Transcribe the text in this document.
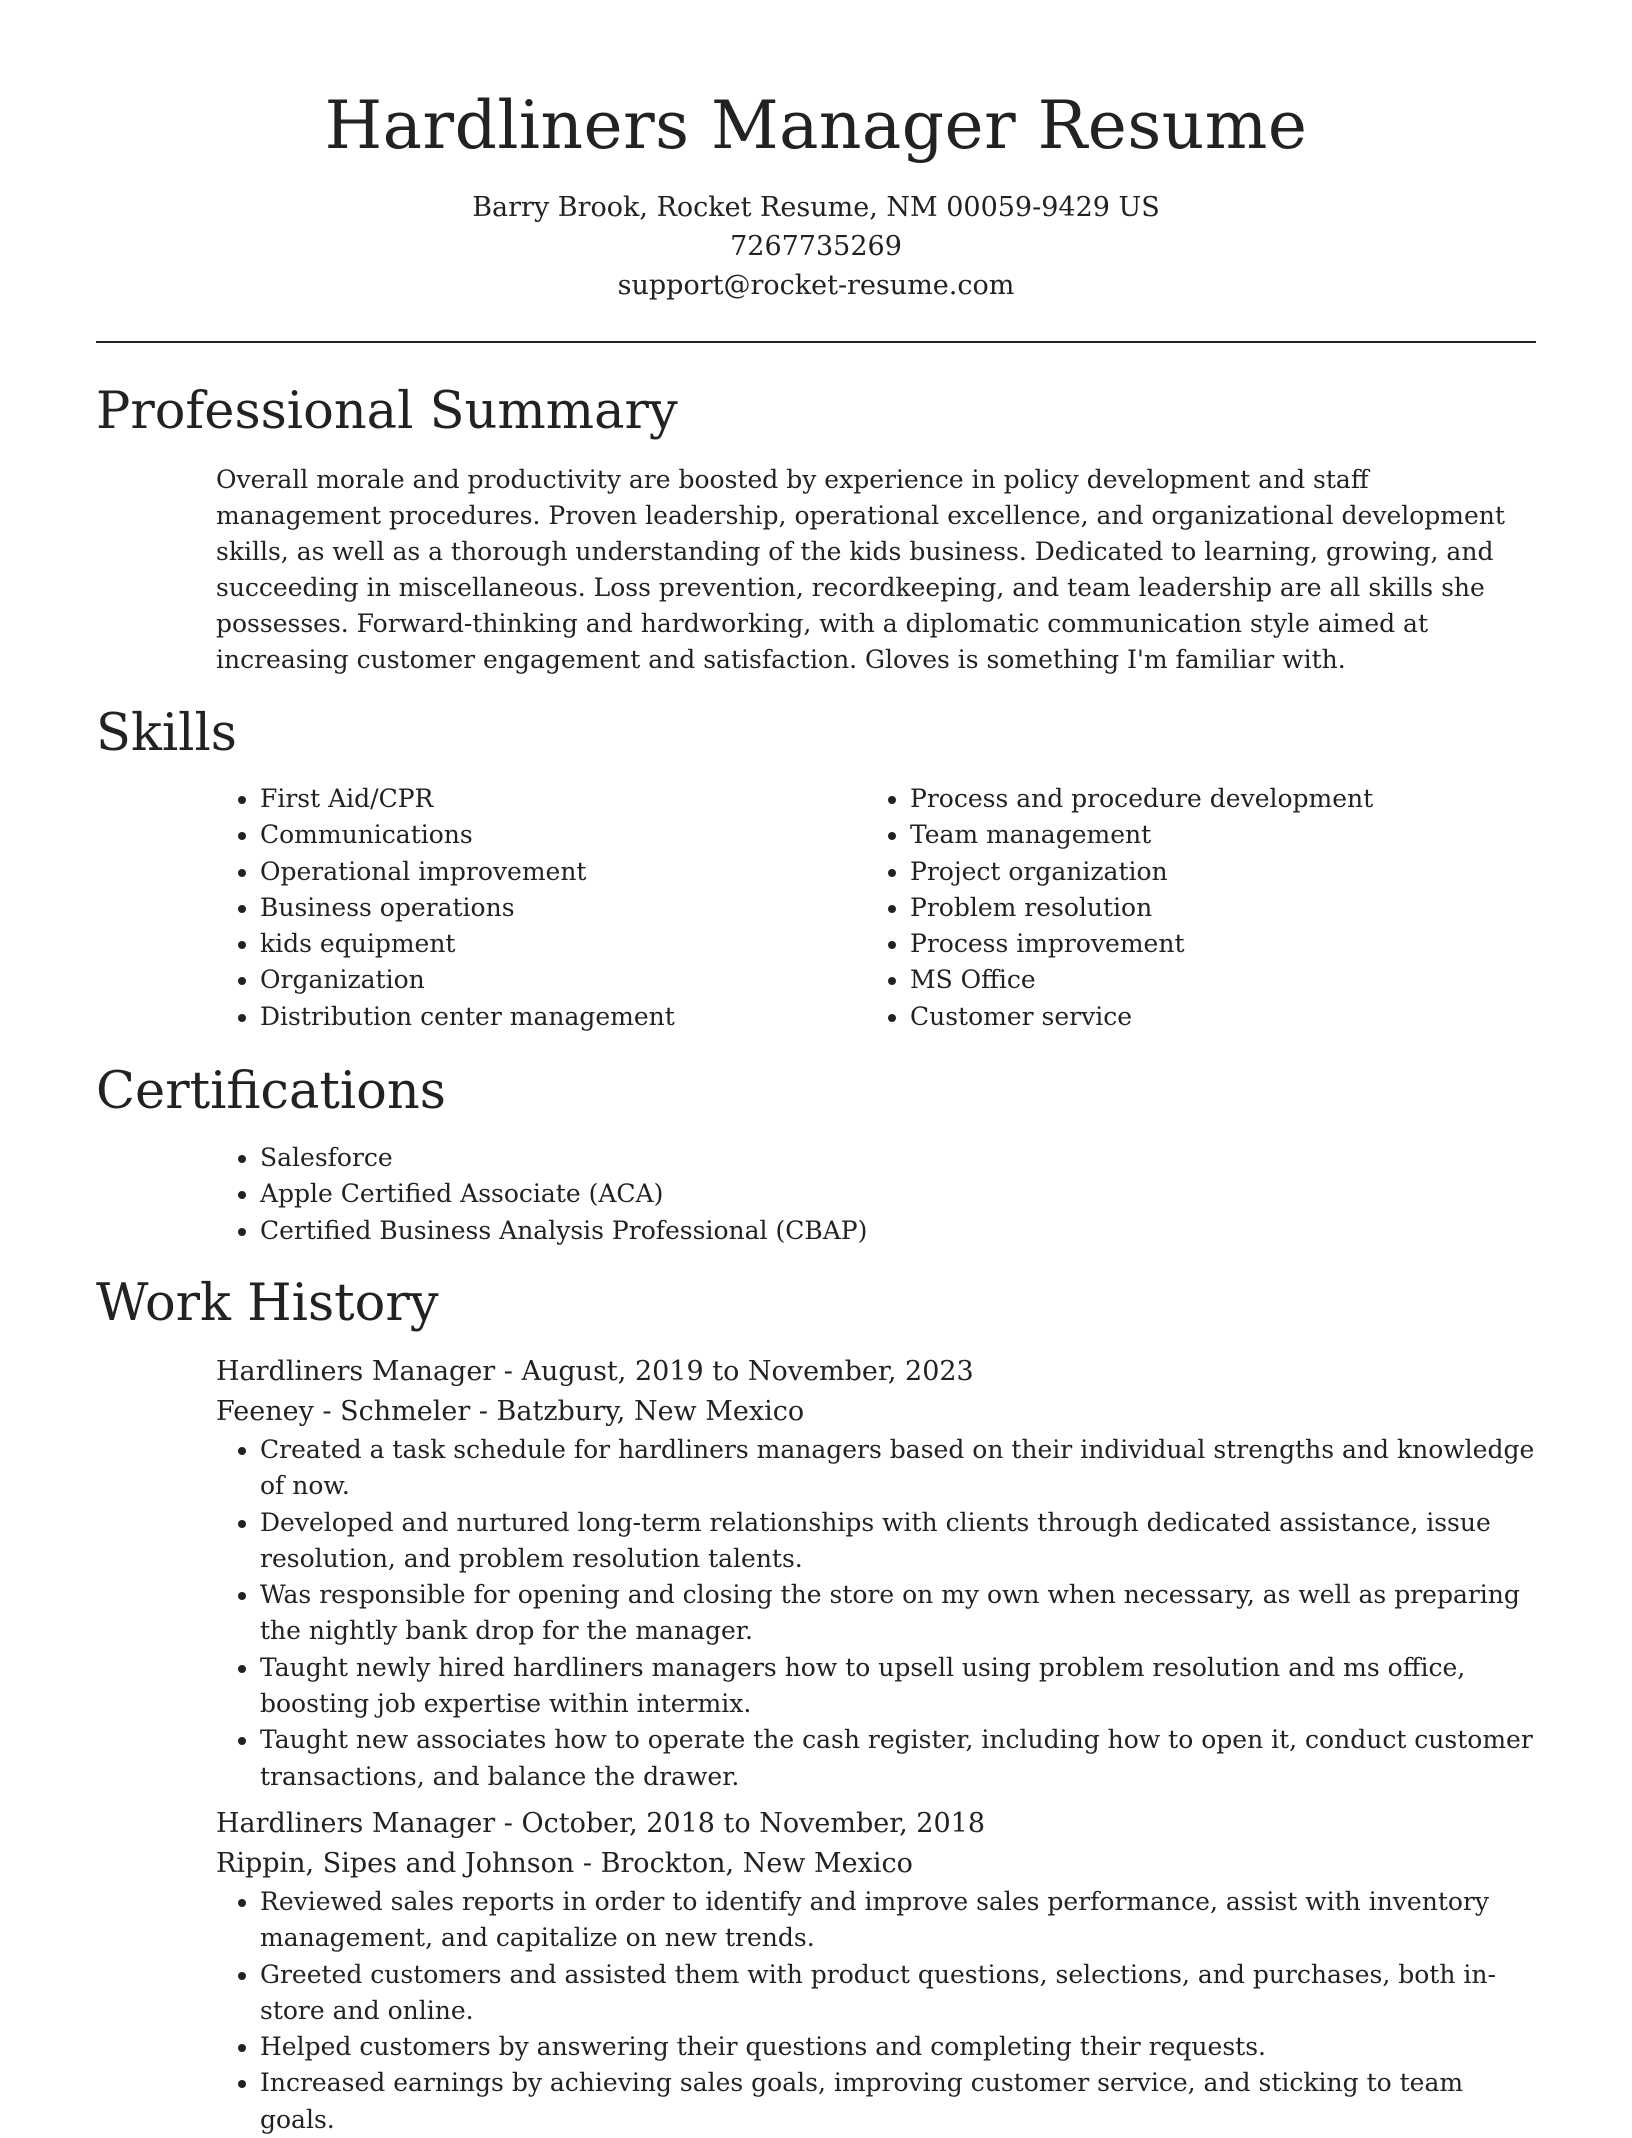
Hardliners Manager Resume

Barry Brook, Rocket Resume, NM 00059-9429 US

7267735269

support@rocket-resume.com

Professional Summary

Overall morale and productivity are boosted by experience in policy development and staff management procedures. Proven leadership, operational excellence, and organizational development skills, as well as a thorough understanding of the kids business. Dedicated to learning, growing, and succeeding in miscellaneous. Loss prevention, recordkeeping, and team leadership are all skills she possesses. Forward-thinking and hardworking, with a diplomatic communication style aimed at increasing customer engagement and satisfaction. Gloves is something I'm familiar with.

Skills
• First Aid/CPR
• Communications
• Operational improvement
• Business operations
• kids equipment
• Organization
• Distribution center management
• Process and procedure development
• Team management
• Project organization
• Problem resolution
• Process improvement
• MS Office
• Customer service
Certifications
• Salesforce
• Apple Certified Associate (ACA)
• Certified Business Analysis Professional (CBAP)
Work History

Hardliners Manager - August, 2019 to November, 2023

Feeney - Schmeler - Batzbury, New Mexico

• Created a task schedule for hardliners managers based on their individual strengths and knowledge of now.
• Developed and nurtured long-term relationships with clients through dedicated assistance, issue resolution, and problem resolution talents.
• Was responsible for opening and closing the store on my own when necessary, as well as preparing the nightly bank drop for the manager.
• Taught newly hired hardliners managers how to upsell using problem resolution and ms office, boosting job expertise within intermix.
• Taught new associates how to operate the cash register, including how to open it, conduct customer transactions, and balance the drawer.

Hardliners Manager - October, 2018 to November, 2018

Rippin, Sipes and Johnson - Brockton, New Mexico

• Reviewed sales reports in order to identify and improve sales performance, assist with inventory management, and capitalize on new trends.
• Greeted customers and assisted them with product questions, selections, and purchases, both in-store and online.
• Helped customers by answering their questions and completing their requests.
• Increased earnings by achieving sales goals, improving customer service, and sticking to team goals.
